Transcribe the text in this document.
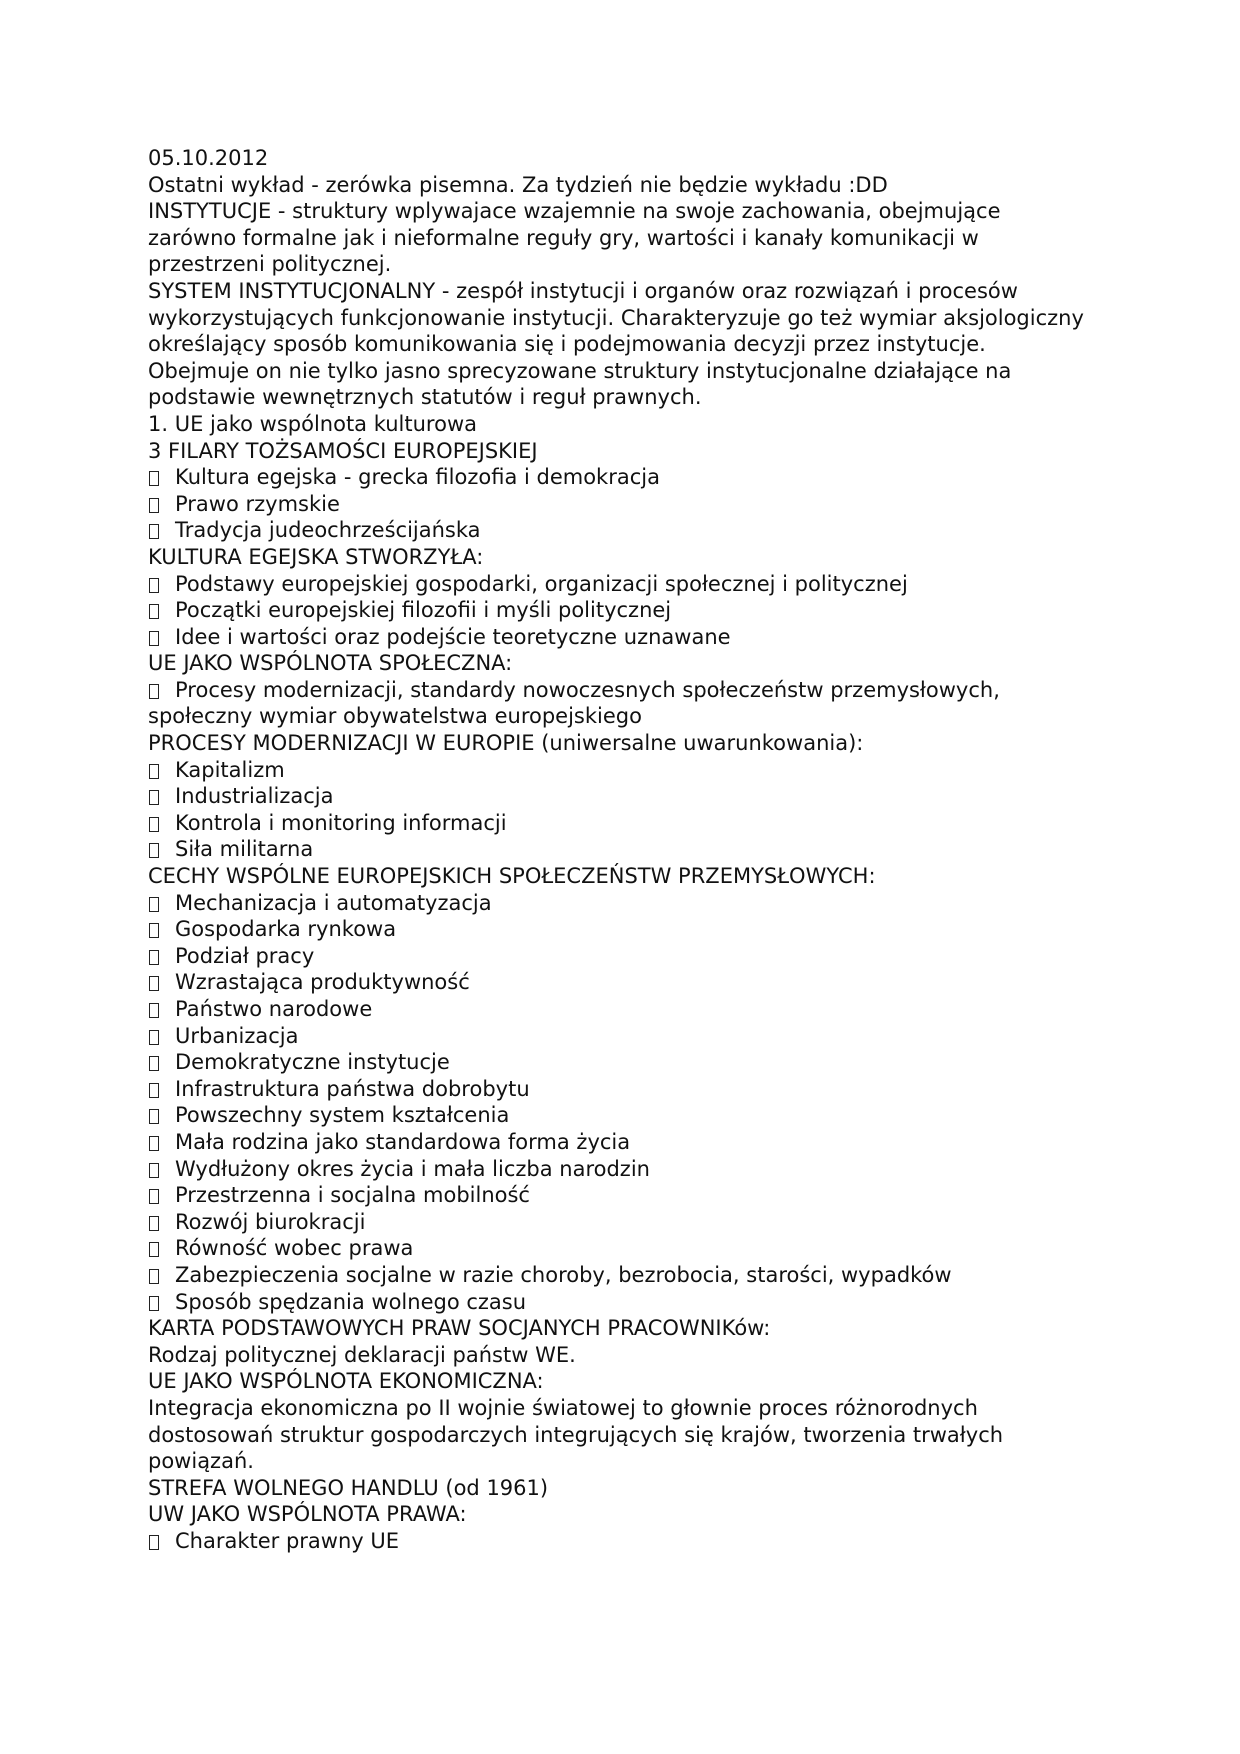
05.10.2012
Ostatni wykład - zerówka pisemna. Za tydzień nie będzie wykładu :DD
INSTYTUCJE - struktury wplywajace wzajemnie na swoje zachowania, obejmujące zarówno formalne jak i nieformalne reguły gry, wartości i kanały komunikacji w przestrzeni politycznej.
SYSTEM INSTYTUCJONALNY - zespół instytucji i organów oraz rozwiązań i procesów wykorzystujących funkcjonowanie instytucji. Charakteryzuje go też wymiar aksjologiczny określający sposób komunikowania się i podejmowania decyzji przez instytucje. Obejmuje on nie tylko jasno sprecyzowane struktury instytucjonalne działające na podstawie wewnętrznych statutów i reguł prawnych.
1. UE jako wspólnota kulturowa
3 FILARY TOŻSAMOŚCI EUROPEJSKIEJ
Kultura egejska - grecka filozofia i demokracja
Prawo rzymskie
Tradycja judeochrześcijańska
KULTURA EGEJSKA STWORZYŁA:
Podstawy europejskiej gospodarki, organizacji społecznej i politycznej
Początki europejskiej filozofii i myśli politycznej
Idee i wartości oraz podejście teoretyczne uznawane
UE JAKO WSPÓLNOTA SPOŁECZNA:
Procesy modernizacji, standardy nowoczesnych społeczeństw przemysłowych, społeczny wymiar obywatelstwa europejskiego
PROCESY MODERNIZACJI W EUROPIE (uniwersalne uwarunkowania):
Kapitalizm
Industrializacja
Kontrola i monitoring informacji
Siła militarna
CECHY WSPÓLNE EUROPEJSKICH SPOŁECZEŃSTW PRZEMYSŁOWYCH:
Mechanizacja i automatyzacja
Gospodarka rynkowa
Podział pracy
Wzrastająca produktywność
Państwo narodowe
Urbanizacja
Demokratyczne instytucje
Infrastruktura państwa dobrobytu
Powszechny system kształcenia
Mała rodzina jako standardowa forma życia
Wydłużony okres życia i mała liczba narodzin
Przestrzenna i socjalna mobilność
Rozwój biurokracji
Równość wobec prawa
Zabezpieczenia socjalne w razie choroby, bezrobocia, starości, wypadków
Sposób spędzania wolnego czasu
KARTA PODSTAWOWYCH PRAW SOCJANYCH PRACOWNIKów:
Rodzaj politycznej deklaracji państw WE.
UE JAKO WSPÓLNOTA EKONOMICZNA:
Integracja ekonomiczna po II wojnie światowej to głownie proces różnorodnych dostosowań struktur gospodarczych integrujących się krajów, tworzenia trwałych powiązań.
STREFA WOLNEGO HANDLU (od 1961)
UW JAKO WSPÓLNOTA PRAWA:
Charakter prawny UE
